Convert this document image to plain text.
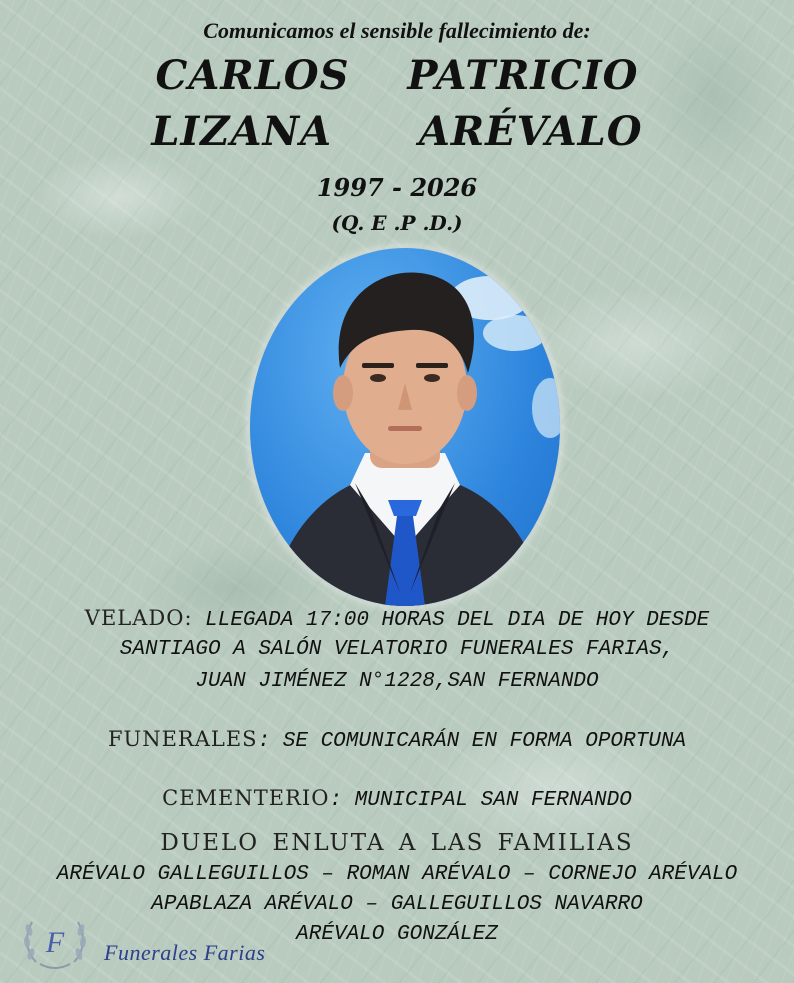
Comunicamos el sensible fallecimiento de:
CARLOS  PATRICIO
LIZANA   ARÉVALO
1997 - 2026
(Q. E .P .D.)
VELADO: LLEGADA 17:00 HORAS DEL DIA DE HOY DESDE
SANTIAGO A SALÓN VELATORIO FUNERALES FARIAS,
JUAN JIMÉNEZ N°1228,SAN FERNANDO
FUNERALES: SE COMUNICARÁN EN FORMA OPORTUNA
CEMENTERIO: MUNICIPAL SAN FERNANDO
DUELO ENLUTA A LAS FAMILIAS
ARÉVALO GALLEGUILLOS – ROMAN ARÉVALO – CORNEJO ARÉVALO
APABLAZA ARÉVALO – GALLEGUILLOS NAVARRO
ARÉVALO GONZÁLEZ
F Funerales Farias
